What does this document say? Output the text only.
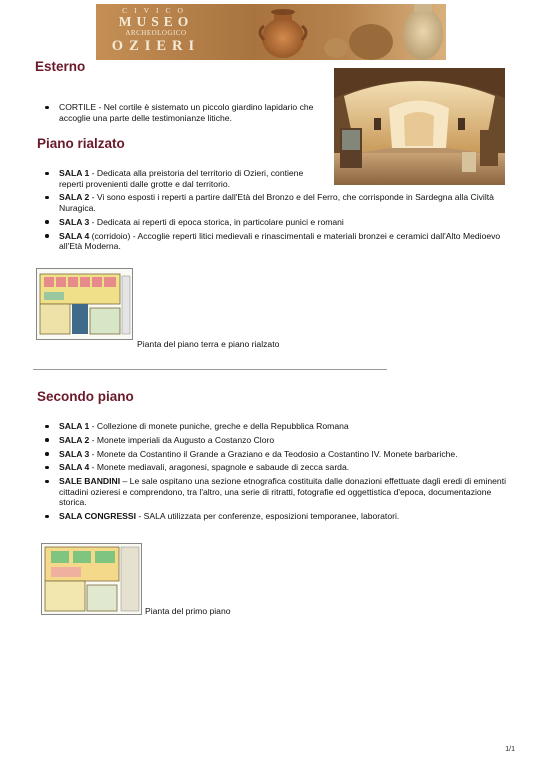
CIVICO
MUSEO
ARCHEOLOGICO
OZIERI
Esterno
CORTILE - Nel cortile è sistemato un piccolo giardino lapidario che accoglie una parte delle testimonianze litiche.
Piano rialzato
SALA 1 - Dedicata alla preistoria del territorio di Ozieri, contiene reperti provenienti dalle grotte e dal territorio.
SALA 2 - Vi sono esposti i reperti a partire dall'Età del Bronzo e del Ferro, che corrisponde in Sardegna alla Civiltà Nuragica.
SALA 3 - Dedicata ai reperti di epoca storica, in particolare punici e romani
SALA 4 (corridoio) - Accoglie reperti litici medievali e rinascimentali e materiali bronzei e ceramici dall'Alto Medioevo all'Età Moderna.
Pianta del piano terra e piano rialzato
Secondo piano
SALA 1 - Collezione di monete puniche, greche e della Repubblica Romana
SALA 2 - Monete imperiali da Augusto a Costanzo Cloro
SALA 3 - Monete da Costantino il Grande a Graziano e da Teodosio a Costantino IV. Monete barbariche.
SALA 4 - Monete mediavali, aragonesi, spagnole e sabaude di zecca sarda.
SALE BANDINI – Le sale ospitano una sezione etnografica costituita dalle donazioni effettuate dagli eredi di eminenti cittadini ozieresi e comprendono, tra l'altro, una serie di ritratti, fotografie ed oggettistica d'epoca, documentazione storica.
SALA CONGRESSI - SALA utilizzata per conferenze, esposizioni temporanee, laboratori.
Pianta del primo piano
1/1
